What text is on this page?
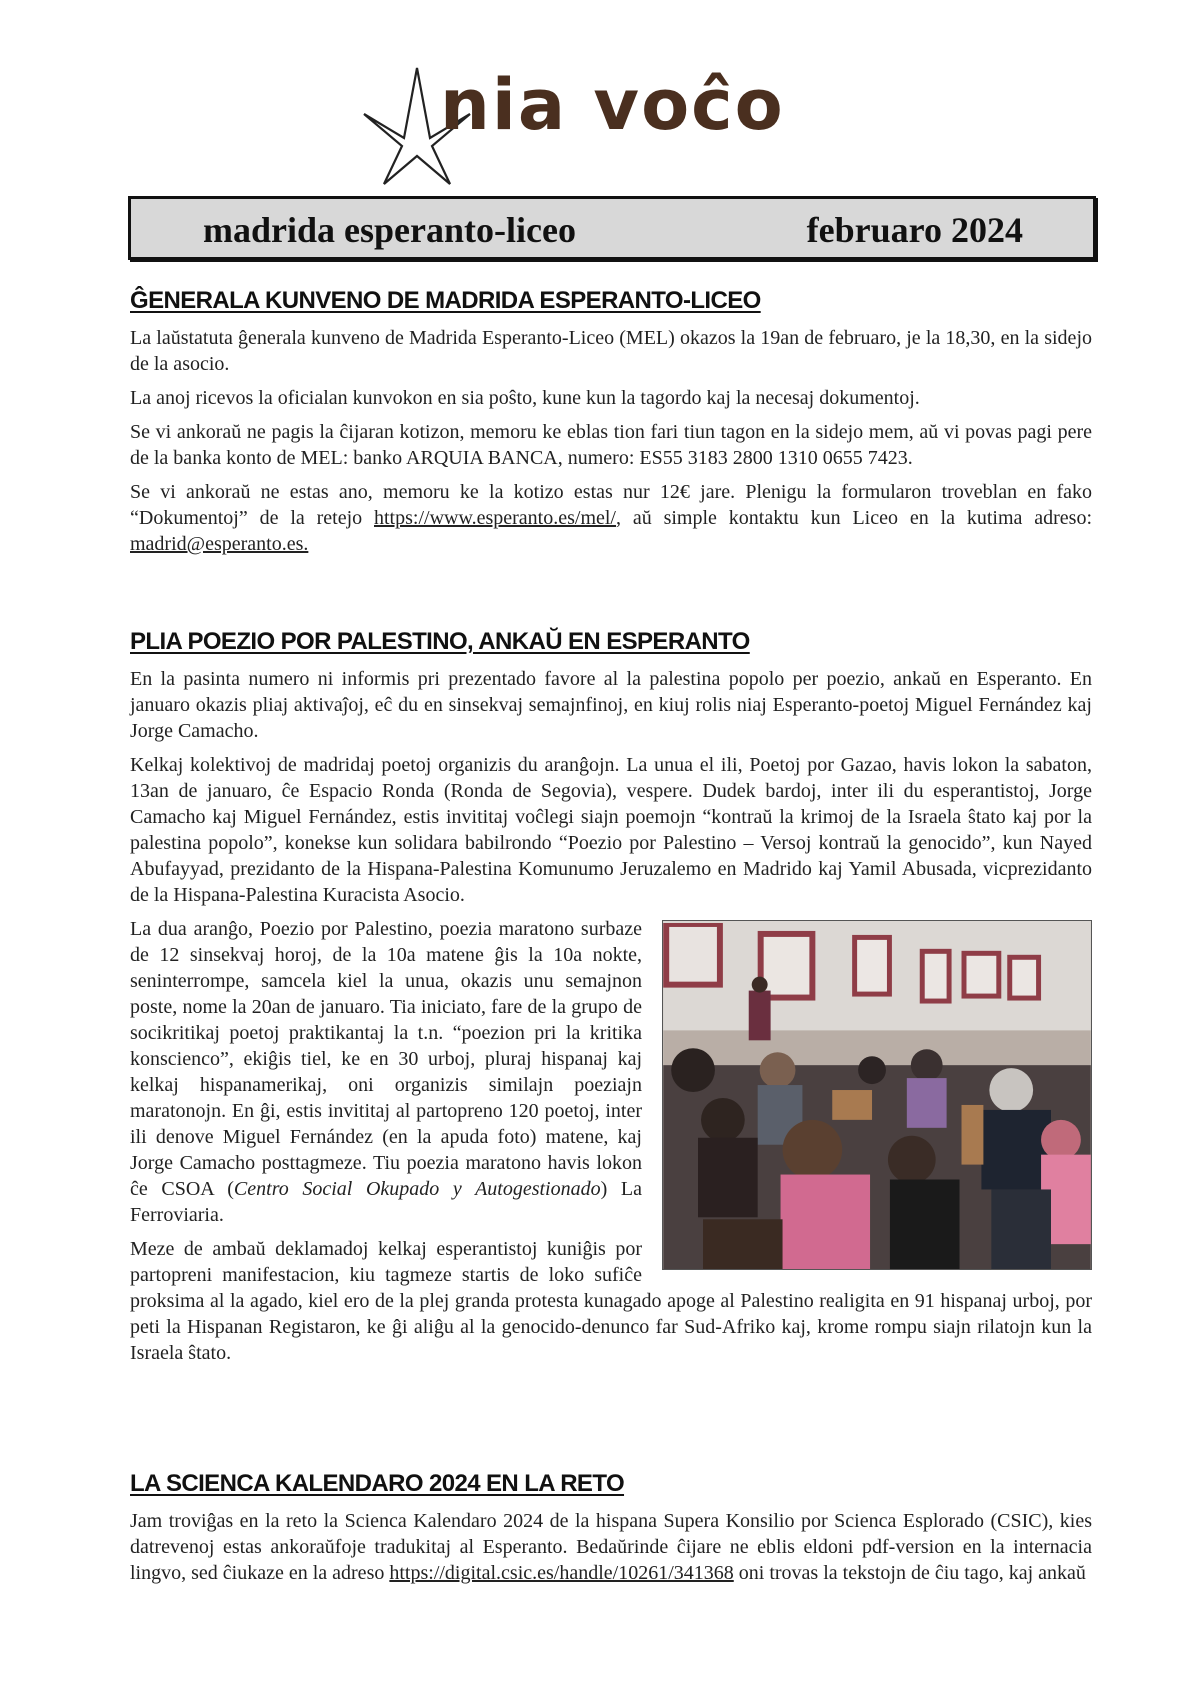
nia voĉo
madrida esperanto-liceo	februaro 2024
ĜENERALA KUNVENO DE MADRIDA ESPERANTO-LICEO

La laŭstatuta ĝenerala kunveno de Madrida Esperanto-Liceo (MEL) okazos la 19an de februaro, je la 18,30, en la sidejo de la asocio.

La anoj ricevos la oficialan kunvokon en sia poŝto, kune kun la tagordo kaj la necesaj dokumentoj.

Se vi ankoraŭ ne pagis la ĉijaran kotizon, memoru ke eblas tion fari tiun tagon en la sidejo mem, aŭ vi povas pagi pere de la banka konto de MEL: banko ARQUIA BANCA, numero: ES55 3183 2800 1310 0655 7423.

Se vi ankoraŭ ne estas ano, memoru ke la kotizo estas nur 12€ jare. Plenigu la formularon troveblan en fako “Dokumentoj” de la retejo https://www.esperanto.es/mel/, aŭ simple kontaktu kun Liceo en la kutima adreso: madrid@esperanto.es.

PLIA POEZIO POR PALESTINO, ANKAŬ EN ESPERANTO

En la pasinta numero ni informis pri prezentado favore al la palestina popolo per poezio, ankaŭ en Esperanto. En januaro okazis pliaj aktivaĵoj, eĉ du en sinsekvaj semajnfinoj, en kiuj rolis niaj Esperanto-poetoj Miguel Fernández kaj Jorge Camacho.

Kelkaj kolektivoj de madridaj poetoj organizis du aranĝojn. La unua el ili, Poetoj por Gazao, havis lokon la sabaton, 13an de januaro, ĉe Espacio Ronda (Ronda de Segovia), vespere. Dudek bardoj, inter ili du esperantistoj, Jorge Camacho kaj Miguel Fernández, estis invititaj voĉlegi siajn poemojn “kontraŭ la krimoj de la Israela ŝtato kaj por la palestina popolo”, konekse kun solidara babilrondo “Poezio por Palestino – Versoj kontraŭ la genocido”, kun Nayed Abufayyad, prezidanto de la Hispana-Palestina Komunumo Jeruzalemo en Madrido kaj Yamil Abusada, vicprezidanto de la Hispana-Palestina Kuracista Asocio.

La dua aranĝo, Poezio por Palestino, poezia maratono surbaze de 12 sinsekvaj horoj, de la 10a matene ĝis la 10a nokte, seninterrompe, samcela kiel la unua, okazis unu semajnon poste, nome la 20an de januaro. Tia iniciato, fare de la grupo de socikritikaj poetoj praktikantaj la t.n. “poezion pri la kritika konscienco”, ekiĝis tiel, ke en 30 urboj, pluraj hispanaj kaj kelkaj hispanamerikaj, oni organizis similajn poeziajn maratonojn. En ĝi, estis invititaj al partopreno 120 poetoj, inter ili denove Miguel Fernández (en la apuda foto) matene, kaj Jorge Camacho posttagmeze. Tiu poezia maratono havis lokon ĉe CSOA (Centro Social Okupado y Autogestionado) La Ferroviaria.

Meze de ambaŭ deklamadoj kelkaj esperantistoj kuniĝis por partopreni manifestacion, kiu tagmeze startis de loko sufiĉe proksima al la agado, kiel ero de la plej granda protesta kunagado apoge al Palestino realigita en 91 hispanaj urboj, por peti la Hispanan Registaron, ke ĝi aliĝu al la genocido-denunco far Sud-Afriko kaj, krome rompu siajn rilatojn kun la Israela ŝtato.

LA SCIENCA KALENDARO 2024 EN LA RETO

Jam troviĝas en la reto la Scienca Kalendaro 2024 de la hispana Supera Konsilio por Scienca Esplorado (CSIC), kies datrevenoj estas ankoraŭfoje tradukitaj al Esperanto. Bedaŭrinde ĉijare ne eblis eldoni pdf-version en la internacia lingvo, sed ĉiukaze en la adreso https://digital.csic.es/handle/10261/341368 oni trovas la tekstojn de ĉiu tago, kaj ankaŭ
